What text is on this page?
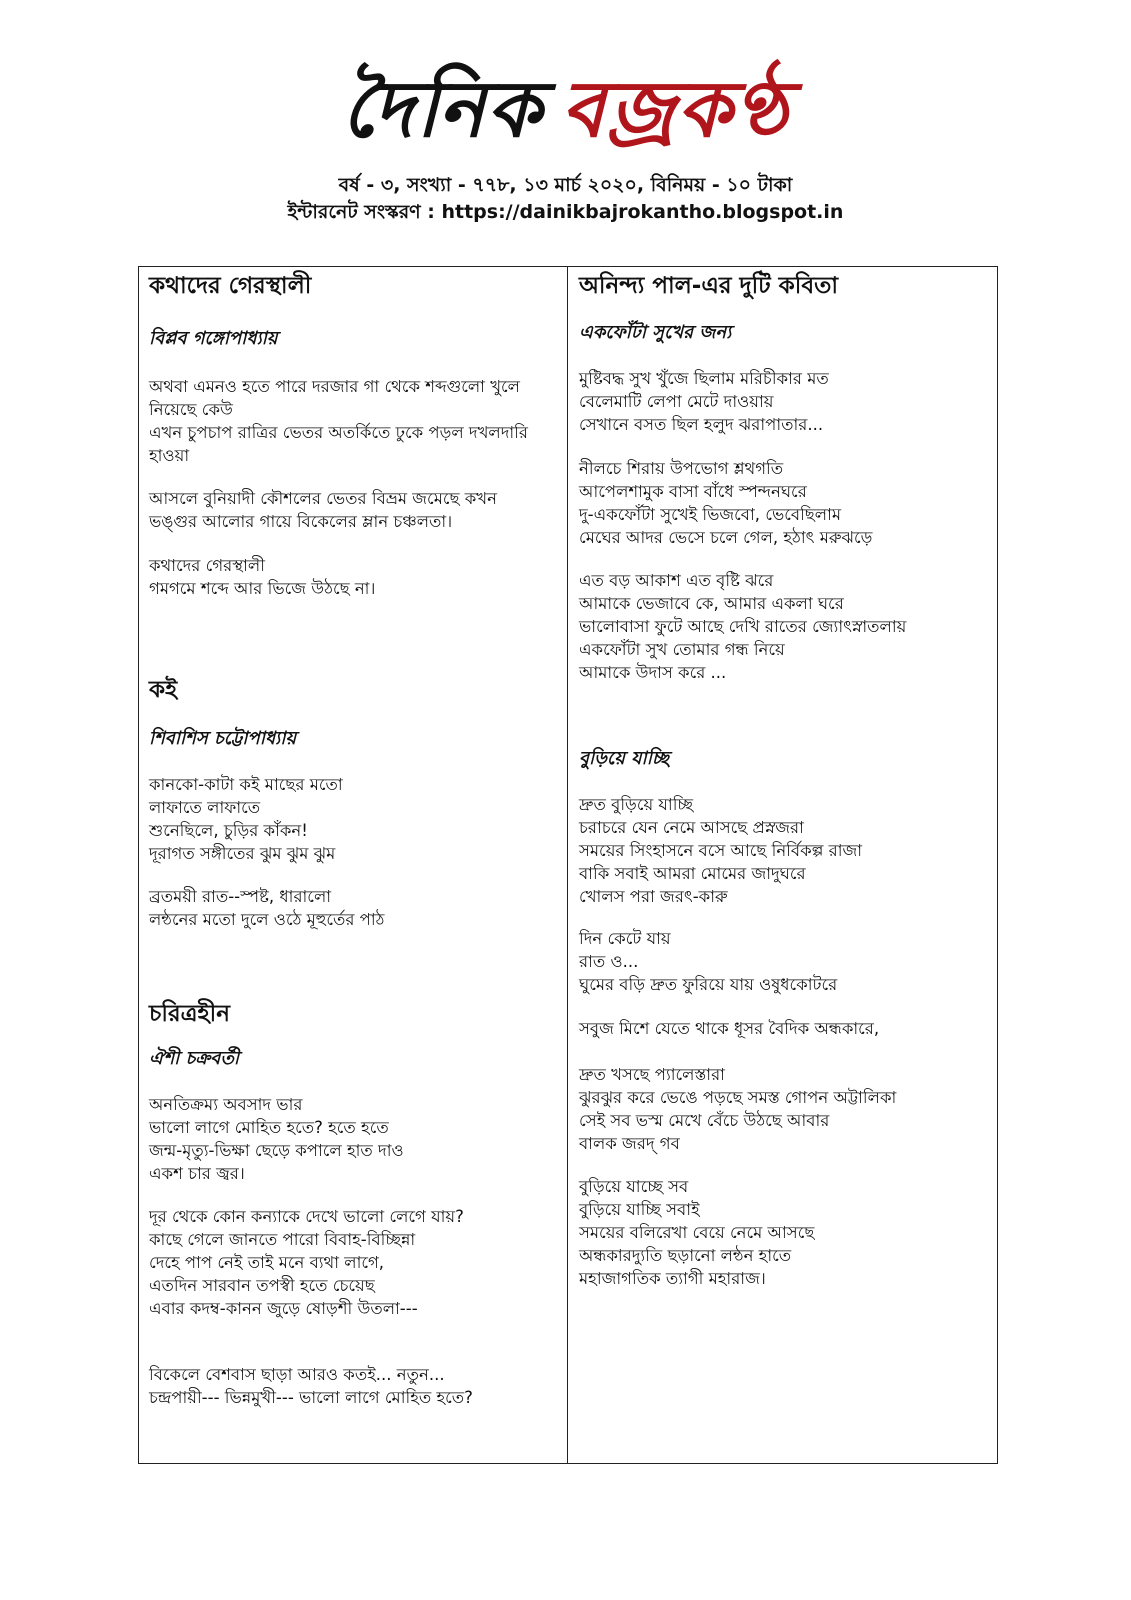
দৈনিক বজ্রকণ্ঠ
বর্ষ - ৩, সংখ্যা - ৭৭৮, ১৩ মার্চ ২০২০, বিনিময় - ১০ টাকা
ইন্টারনেট সংস্করণ : https://dainikbajrokantho.blogspot.in

কথাদের গেরস্থালী

বিপ্লব গঙ্গোপাধ্যায়

অথবা এমনও হতে পারে দরজার গা থেকে শব্দগুলো খুলে

নিয়েছে কেউ

এখন চুপচাপ রাত্রির ভেতর অতর্কিতে ঢুকে পড়ল দখলদারি

হাওয়া

আসলে বুনিয়াদী কৌশলের ভেতর বিভ্রম জমেছে কখন

ভঙ্গুর আলোর গায়ে বিকেলের ম্লান চঞ্চলতা।

কথাদের গেরস্থালী

গমগমে শব্দে আর ভিজে উঠছে না।

কই

শিবাশিস চট্টোপাধ্যায়

কানকো-কাটা কই মাছের মতো

লাফাতে লাফাতে

শুনেছিলে, চুড়ির কাঁকন!

দূরাগত সঙ্গীতের ঝুম ঝুম ঝুম

ব্রতময়ী রাত--স্পষ্ট, ধারালো

লন্ঠনের মতো দুলে ওঠে মূহুর্তের পাঠ

চরিত্রহীন

ঐশী চক্রবর্তী

অনতিক্রম্য অবসাদ ভার

ভালো লাগে মোহিত হতে? হতে হতে

জন্ম-মৃত্যু-ভিক্ষা ছেড়ে কপালে হাত দাও

একশ চার জ্বর।

দূর থেকে কোন কন্যাকে দেখে ভালো লেগে যায়?

কাছে গেলে জানতে পারো বিবাহ-বিচ্ছিন্না

দেহে পাপ নেই তাই মনে ব্যথা লাগে,

এতদিন সারবান তপস্বী হতে চেয়েছ

এবার কদম্ব-কানন জুড়ে ষোড়শী উতলা---

বিকেলে বেশবাস ছাড়া আরও কতই... নতুন...

চন্দ্রপায়ী--- ভিন্নমুখী--- ভালো লাগে মোহিত হতে?

অনিন্দ্য পাল-এর দুটি কবিতা

একফোঁটা সুখের জন্য

মুষ্টিবদ্ধ সুখ খুঁজে ছিলাম মরিচীকার মত

বেলেমাটি লেপা মেটে দাওয়ায়

সেখানে বসত ছিল হলুদ ঝরাপাতার...

নীলচে শিরায় উপভোগ শ্লথগতি

আপেলশামুক বাসা বাঁধে স্পন্দনঘরে

দু-একফোঁটা সুখেই ভিজবো, ভেবেছিলাম

মেঘের আদর ভেসে চলে গেল, হঠাৎ মরুঝড়ে

এত বড় আকাশ এত বৃষ্টি ঝরে

আমাকে ভেজাবে কে, আমার একলা ঘরে

ভালোবাসা ফুটে আছে দেখি রাতের জ্যোৎস্নাতলায়

একফোঁটা সুখ তোমার গন্ধ নিয়ে

আমাকে উদাস করে ...

বুড়িয়ে যাচ্ছি

দ্রুত বুড়িয়ে যাচ্ছি

চরাচরে যেন নেমে আসছে প্রস্নজরা

সময়ের সিংহাসনে বসে আছে নির্বিকল্প রাজা

বাকি সবাই আমরা মোমের জাদুঘরে

খোলস পরা জরৎ-কারু

দিন কেটে যায়

রাত ও...

ঘুমের বড়ি দ্রুত ফুরিয়ে যায় ওষুধকোটরে

সবুজ মিশে যেতে থাকে ধূসর বৈদিক অন্ধকারে,

দ্রুত খসছে প্যালেস্তারা

ঝুরঝুর করে ভেঙে পড়ছে সমস্ত গোপন অট্টালিকা

সেই সব ভস্ম মেখে বেঁচে উঠছে আবার

বালক জরদ্ গব

বুড়িয়ে যাচ্ছে সব

বুড়িয়ে যাচ্ছি সবাই

সময়ের বলিরেখা বেয়ে নেমে আসছে

অন্ধকারদ্যুতি ছড়ানো লন্ঠন হাতে

মহাজাগতিক ত্যাগী মহারাজ।
